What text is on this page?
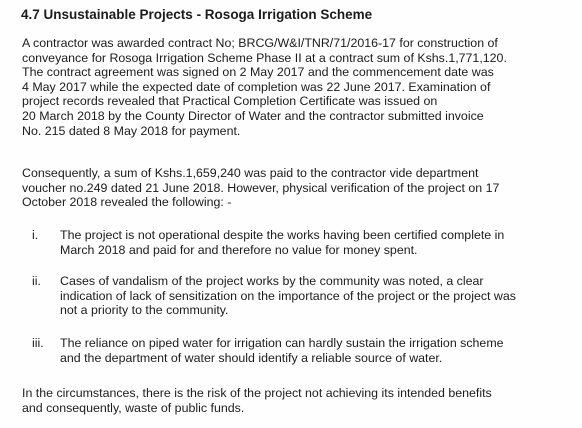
4.7 Unsustainable Projects - Rosoga Irrigation Scheme
A contractor was awarded contract No; BRCG/W&I/TNR/71/2016-17 for construction of
conveyance for Rosoga Irrigation Scheme Phase II at a contract sum of Kshs.1,771,120.
The contract agreement was signed on 2 May 2017 and the commencement date was
4 May 2017 while the expected date of completion was 22 June 2017. Examination of
project records revealed that Practical Completion Certificate was issued on
20 March 2018 by the County Director of Water and the contractor submitted invoice
No. 215 dated 8 May 2018 for payment.
Consequently, a sum of Kshs.1,659,240 was paid to the contractor vide department
voucher no.249 dated 21 June 2018. However, physical verification of the project on 17
October 2018 revealed the following: -
i. The project is not operational despite the works having been certified complete in
March 2018 and paid for and therefore no value for money spent.
ii. Cases of vandalism of the project works by the community was noted, a clear
indication of lack of sensitization on the importance of the project or the project was
not a priority to the community.
iii. The reliance on piped water for irrigation can hardly sustain the irrigation scheme
and the department of water should identify a reliable source of water.
In the circumstances, there is the risk of the project not achieving its intended benefits
and consequently, waste of public funds.
